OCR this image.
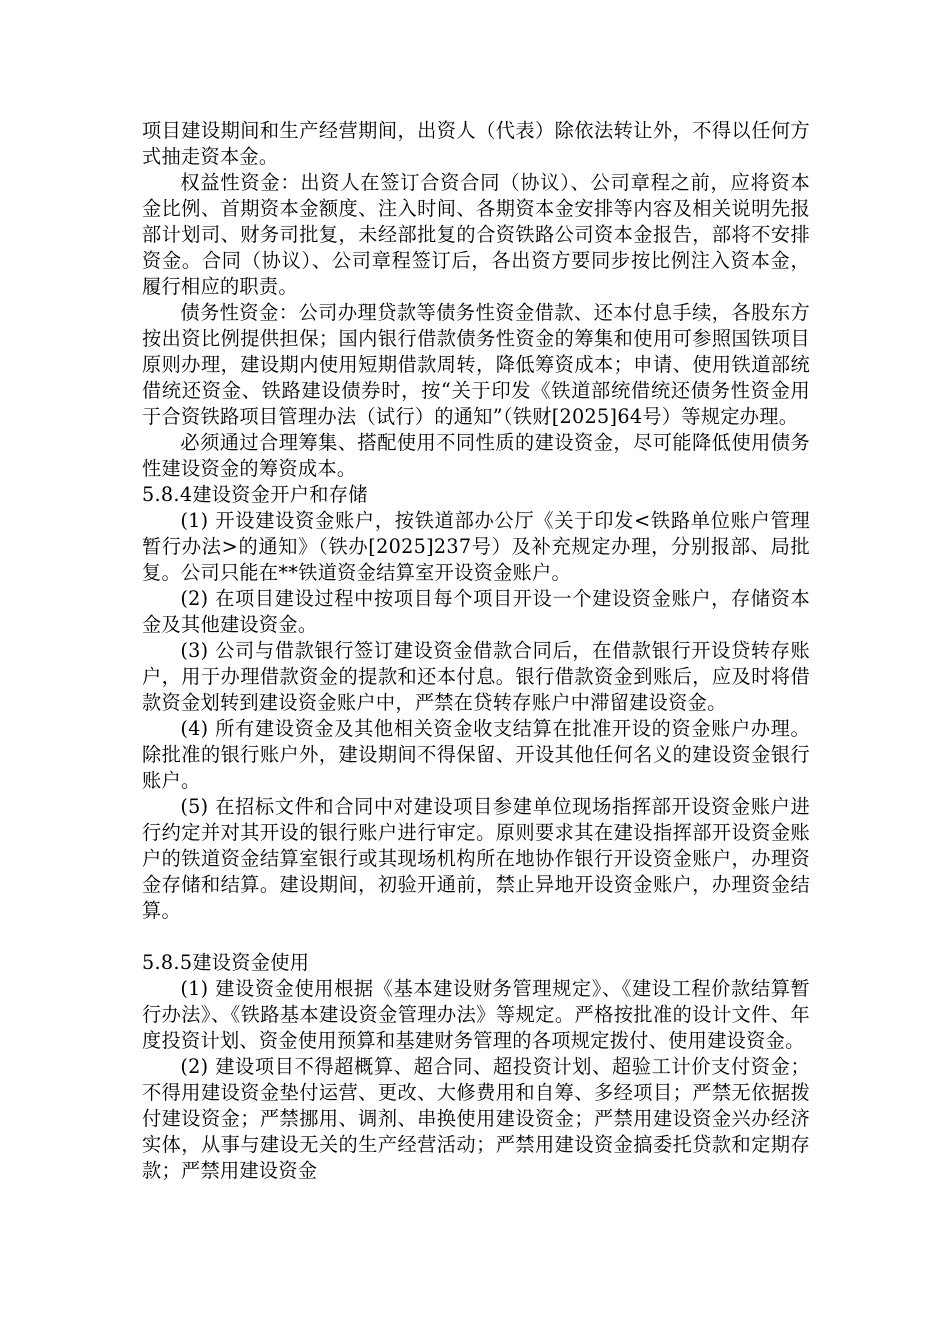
项目建设期间和生产经营期间，出资人（代表）除依法转让外，不得以任何方式抽走资本金。

权益性资金：出资人在签订合资合同（协议）、公司章程之前，应将资本金比例、首期资本金额度、注入时间、各期资本金安排等内容及相关说明先报部计划司、财务司批复，未经部批复的合资铁路公司资本金报告，部将不安排资金。合同（协议）、公司章程签订后，各出资方要同步按比例注入资本金，履行相应的职责。

债务性资金：公司办理贷款等债务性资金借款、还本付息手续，各股东方按出资比例提供担保；国内银行借款债务性资金的筹集和使用可参照国铁项目原则办理，建设期内使用短期借款周转，降低筹资成本；申请、使用铁道部统借统还资金、铁路建设债券时，按“关于印发《铁道部统借统还债务性资金用于合资铁路项目管理办法（试行）的通知”（铁财[2025]64号）等规定办理。

必须通过合理筹集、搭配使用不同性质的建设资金，尽可能降低使用债务性建设资金的筹资成本。

5.8.4建设资金开户和存储

(1) 开设建设资金账户，按铁道部办公厅《关于印发<铁路单位账户管理暂行办法>的通知》（铁办[2025]237号）及补充规定办理，分别报部、局批复。公司只能在**铁道资金结算室开设资金账户。

(2) 在项目建设过程中按项目每个项目开设一个建设资金账户，存储资本金及其他建设资金。

(3) 公司与借款银行签订建设资金借款合同后，在借款银行开设贷转存账户，用于办理借款资金的提款和还本付息。银行借款资金到账后，应及时将借款资金划转到建设资金账户中，严禁在贷转存账户中滞留建设资金。

(4) 所有建设资金及其他相关资金收支结算在批准开设的资金账户办理。除批准的银行账户外，建设期间不得保留、开设其他任何名义的建设资金银行账户。

(5) 在招标文件和合同中对建设项目参建单位现场指挥部开设资金账户进行约定并对其开设的银行账户进行审定。原则要求其在建设指挥部开设资金账户的铁道资金结算室银行或其现场机构所在地协作银行开设资金账户，办理资金存储和结算。建设期间，初验开通前，禁止异地开设资金账户，办理资金结算。

5.8.5建设资金使用

(1) 建设资金使用根据《基本建设财务管理规定》、《建设工程价款结算暂行办法》、《铁路基本建设资金管理办法》等规定。严格按批准的设计文件、年度投资计划、资金使用预算和基建财务管理的各项规定拨付、使用建设资金。

(2) 建设项目不得超概算、超合同、超投资计划、超验工计价支付资金；不得用建设资金垫付运营、更改、大修费用和自筹、多经项目；严禁无依据拨付建设资金；严禁挪用、调剂、串换使用建设资金；严禁用建设资金兴办经济实体，从事与建设无关的生产经营活动；严禁用建设资金搞委托贷款和定期存款；严禁用建设资金
